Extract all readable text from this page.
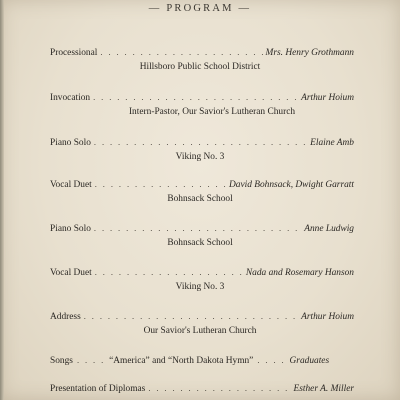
— PROGRAM —
Processional . . .	Mrs. Henry Grothmann
Hillsboro Public School District
Invocation . . .	Arthur Hoium
Intern-Pastor, Our Savior's Lutheran Church
Piano Solo . . .	Elaine Amb
Viking No. 3
Vocal Duet . . .	David Bohnsack, Dwight Garratt
Bohnsack School
Piano Solo . . .	Anne Ludwig
Bohnsack School
Vocal Duet . . .	Nada and Rosemary Hanson
Viking No. 3
Address . . .	Arthur Hoium
Our Savior's Lutheran Church
Songs . . . . “America” and “North Dakota Hymn” . . . . Graduates
Presentation of Diplomas . . .	Esther A. Miller
